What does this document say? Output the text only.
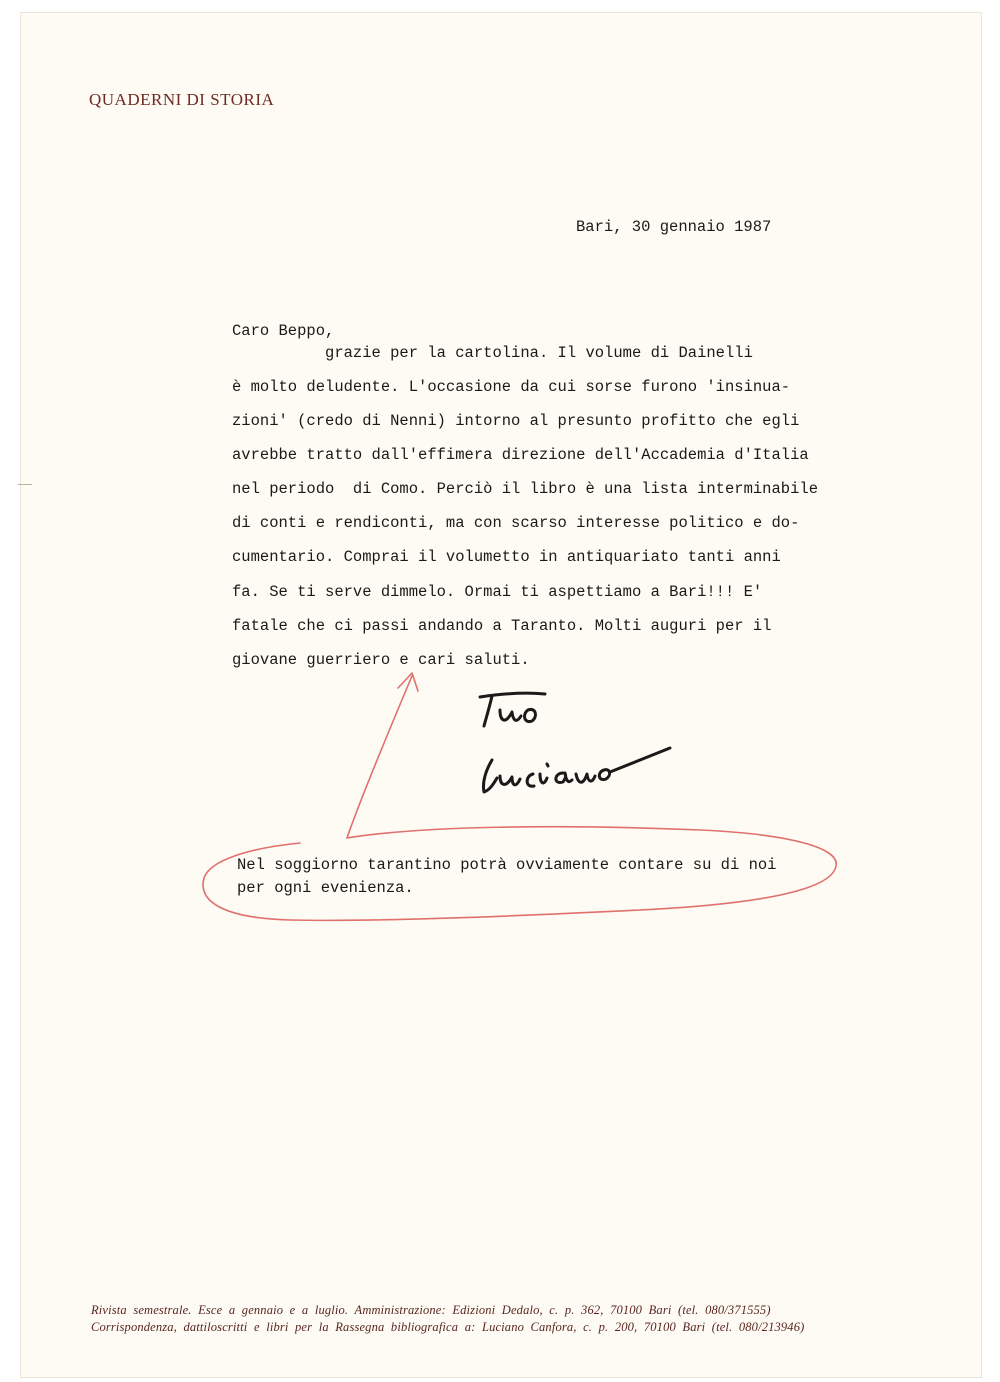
QUADERNI DI STORIA
Bari, 30 gennaio 1987
Caro Beppo,
grazie per la cartolina. Il volume di Dainelli
è molto deludente. L'occasione da cui sorse furono 'insinua-
zioni' (credo di Nenni) intorno al presunto profitto che egli
avrebbe tratto dall'effimera direzione dell'Accademia d'Italia
nel periodo  di Como. Perciò il libro è una lista interminabile
di conti e rendiconti, ma con scarso interesse politico e do-
cumentario. Comprai il volumetto in antiquariato tanti anni
fa. Se ti serve dimmelo. Ormai ti aspettiamo a Bari!!! E'
fatale che ci passi andando a Taranto. Molti auguri per il
giovane guerriero e cari saluti.
Nel soggiorno tarantino potrà ovviamente contare su di noi
per ogni evenienza.
Rivista  semestrale.  Esce  a  gennaio  e  a  luglio.  Amministrazione:  Edizioni  Dedalo,  c.  p.  362,  70100  Bari  (tel.  080/371555)
Corrispondenza,  dattiloscritti  e  libri  per  la  Rassegna  bibliografica  a:  Luciano  Canfora,  c.  p.  200,  70100  Bari  (tel.  080/213946)
